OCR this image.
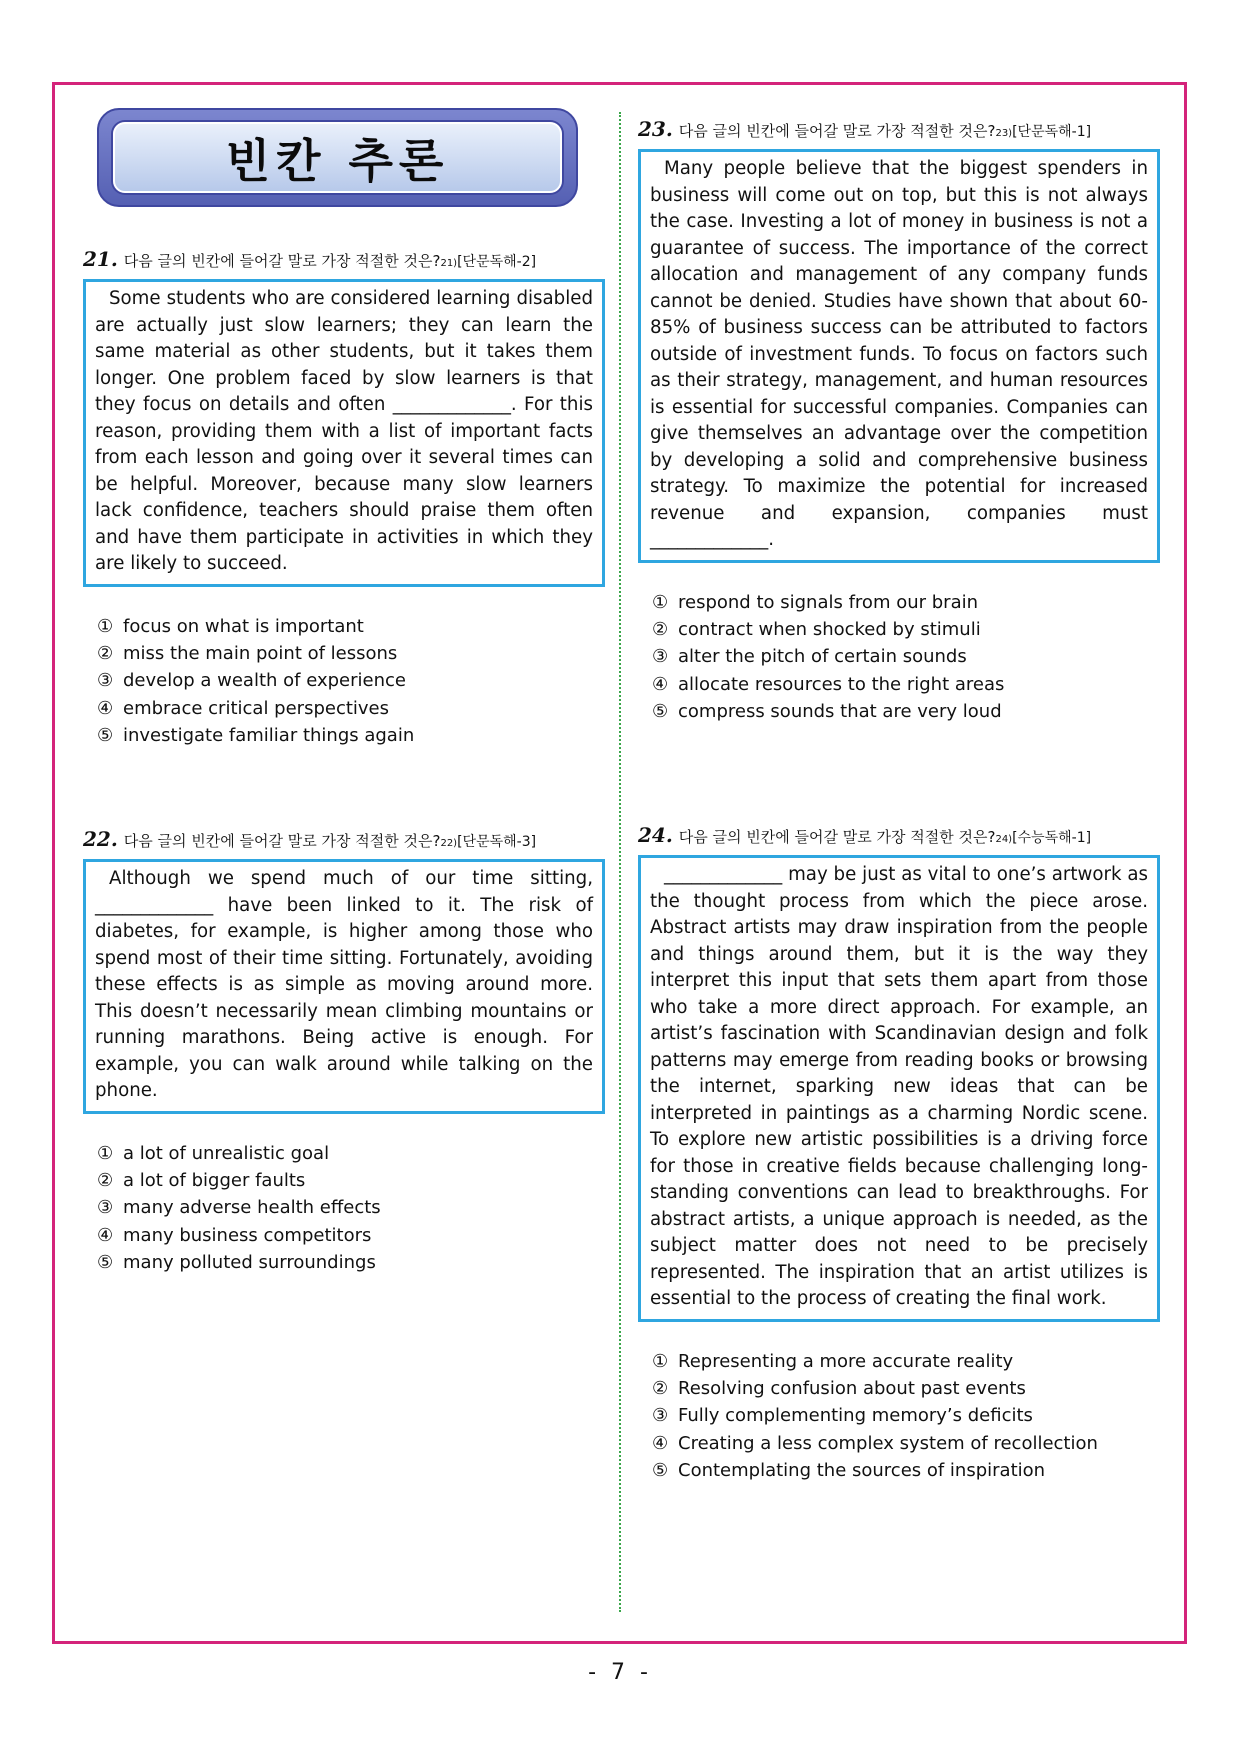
빈칸 추론
21. 다음 글의 빈칸에 들어갈 말로 가장 적절한 것은? 21) [단문독해-2]
Some students who are considered learning disabled are actually just slow learners; they can learn the same material as other students, but it takes them longer. One problem faced by slow learners is that they focus on details and often _____________. For this reason, providing them with a list of important facts from each lesson and going over it several times can be helpful. Moreover, because many slow learners lack confidence, teachers should praise them often and have them participate in activities in which they are likely to succeed.
① focus on what is important
② miss the main point of lessons
③ develop a wealth of experience
④ embrace critical perspectives
⑤ investigate familiar things again
22. 다음 글의 빈칸에 들어갈 말로 가장 적절한 것은? 22) [단문독해-3]
Although we spend much of our time sitting, _____________ have been linked to it. The risk of diabetes, for example, is higher among those who spend most of their time sitting. Fortunately, avoiding these effects is as simple as moving around more. This doesn’t necessarily mean climbing mountains or running marathons. Being active is enough. For example, you can walk around while talking on the phone.
① a lot of unrealistic goal
② a lot of bigger faults
③ many adverse health effects
④ many business competitors
⑤ many polluted surroundings
23. 다음 글의 빈칸에 들어갈 말로 가장 적절한 것은? 23) [단문독해-1]
Many people believe that the biggest spenders in business will come out on top, but this is not always the case. Investing a lot of money in business is not a guarantee of success. The importance of the correct allocation and management of any company funds cannot be denied. Studies have shown that about 60-85% of business success can be attributed to factors outside of investment funds. To focus on factors such as their strategy, management, and human resources is essential for successful companies. Companies can give themselves an advantage over the competition by developing a solid and comprehensive business strategy. To maximize the potential for increased revenue and expansion, companies must _____________.
① respond to signals from our brain
② contract when shocked by stimuli
③ alter the pitch of certain sounds
④ allocate resources to the right areas
⑤ compress sounds that are very loud
24. 다음 글의 빈칸에 들어갈 말로 가장 적절한 것은? 24) [수능독해-1]
_____________ may be just as vital to one’s artwork as the thought process from which the piece arose. Abstract artists may draw inspiration from the people and things around them, but it is the way they interpret this input that sets them apart from those who take a more direct approach. For example, an artist’s fascination with Scandinavian design and folk patterns may emerge from reading books or browsing the internet, sparking new ideas that can be interpreted in paintings as a charming Nordic scene. To explore new artistic possibilities is a driving force for those in creative fields because challenging long-standing conventions can lead to breakthroughs. For abstract artists, a unique approach is needed, as the subject matter does not need to be precisely represented. The inspiration that an artist utilizes is essential to the process of creating the final work.
① Representing a more accurate reality
② Resolving confusion about past events
③ Fully complementing memory’s deficits
④ Creating a less complex system of recollection
⑤ Contemplating the sources of inspiration
- 7 -
